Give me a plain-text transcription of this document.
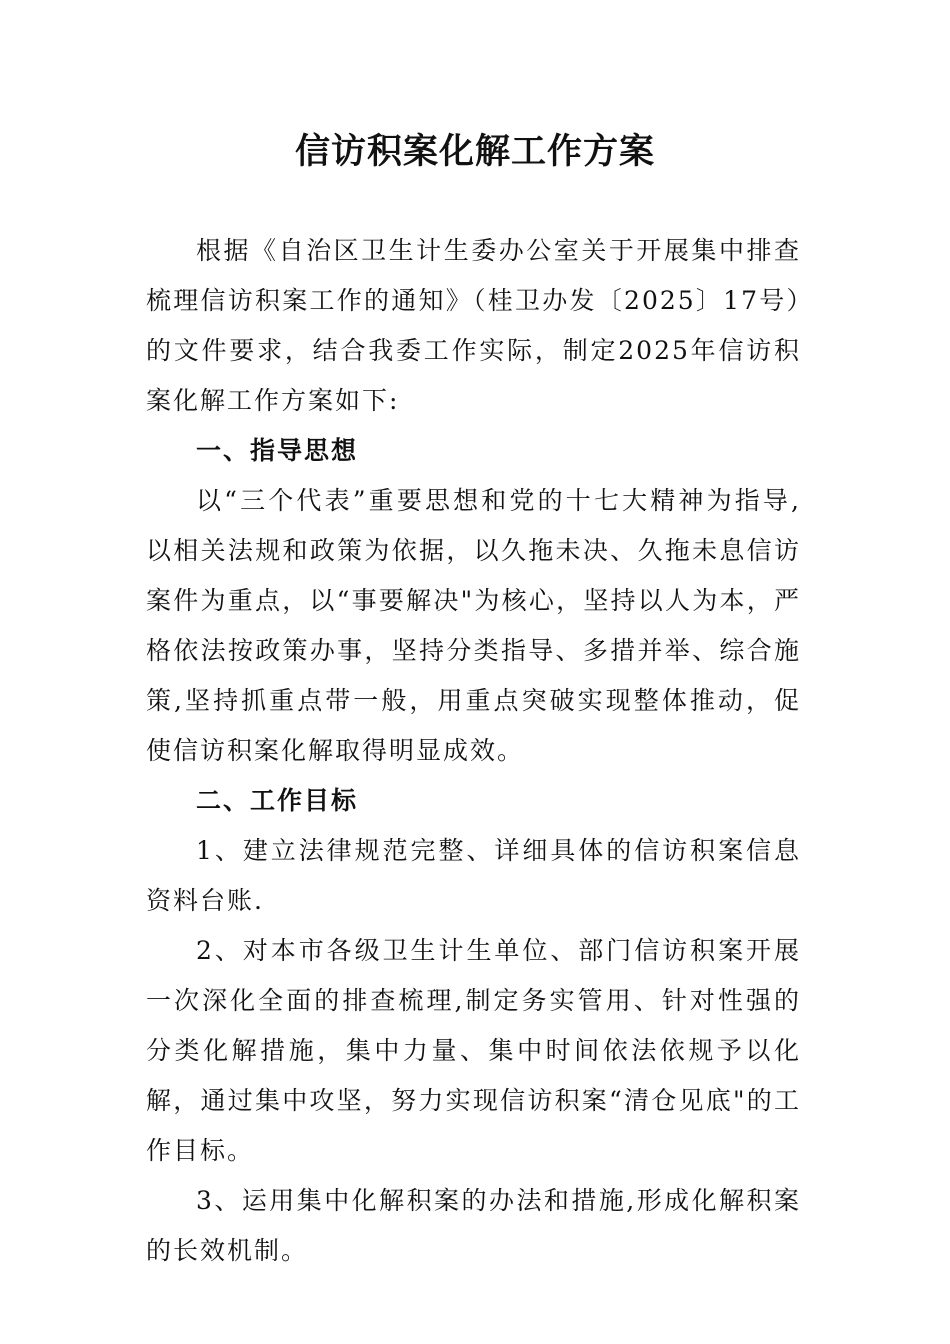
信访积案化解工作方案

根据《自治区卫生计生委办公室关于开展集中排查梳理信访积案工作的通知》（桂卫办发〔2025〕17号）的文件要求，结合我委工作实际，制定2025年信访积案化解工作方案如下:

一、指导思想

以“三个代表”重要思想和党的十七大精神为指导,以相关法规和政策为依据，以久拖未决、久拖未息信访案件为重点，以“事要解决"为核心，坚持以人为本，严格依法按政策办事，坚持分类指导、多措并举、综合施策,坚持抓重点带一般，用重点突破实现整体推动，促使信访积案化解取得明显成效。

二、工作目标

1、建立法律规范完整、详细具体的信访积案信息资料台账.

2、对本市各级卫生计生单位、部门信访积案开展一次深化全面的排查梳理,制定务实管用、针对性强的分类化解措施，集中力量、集中时间依法依规予以化解，通过集中攻坚，努力实现信访积案“清仓见底"的工作目标。

3、运用集中化解积案的办法和措施,形成化解积案的长效机制。
